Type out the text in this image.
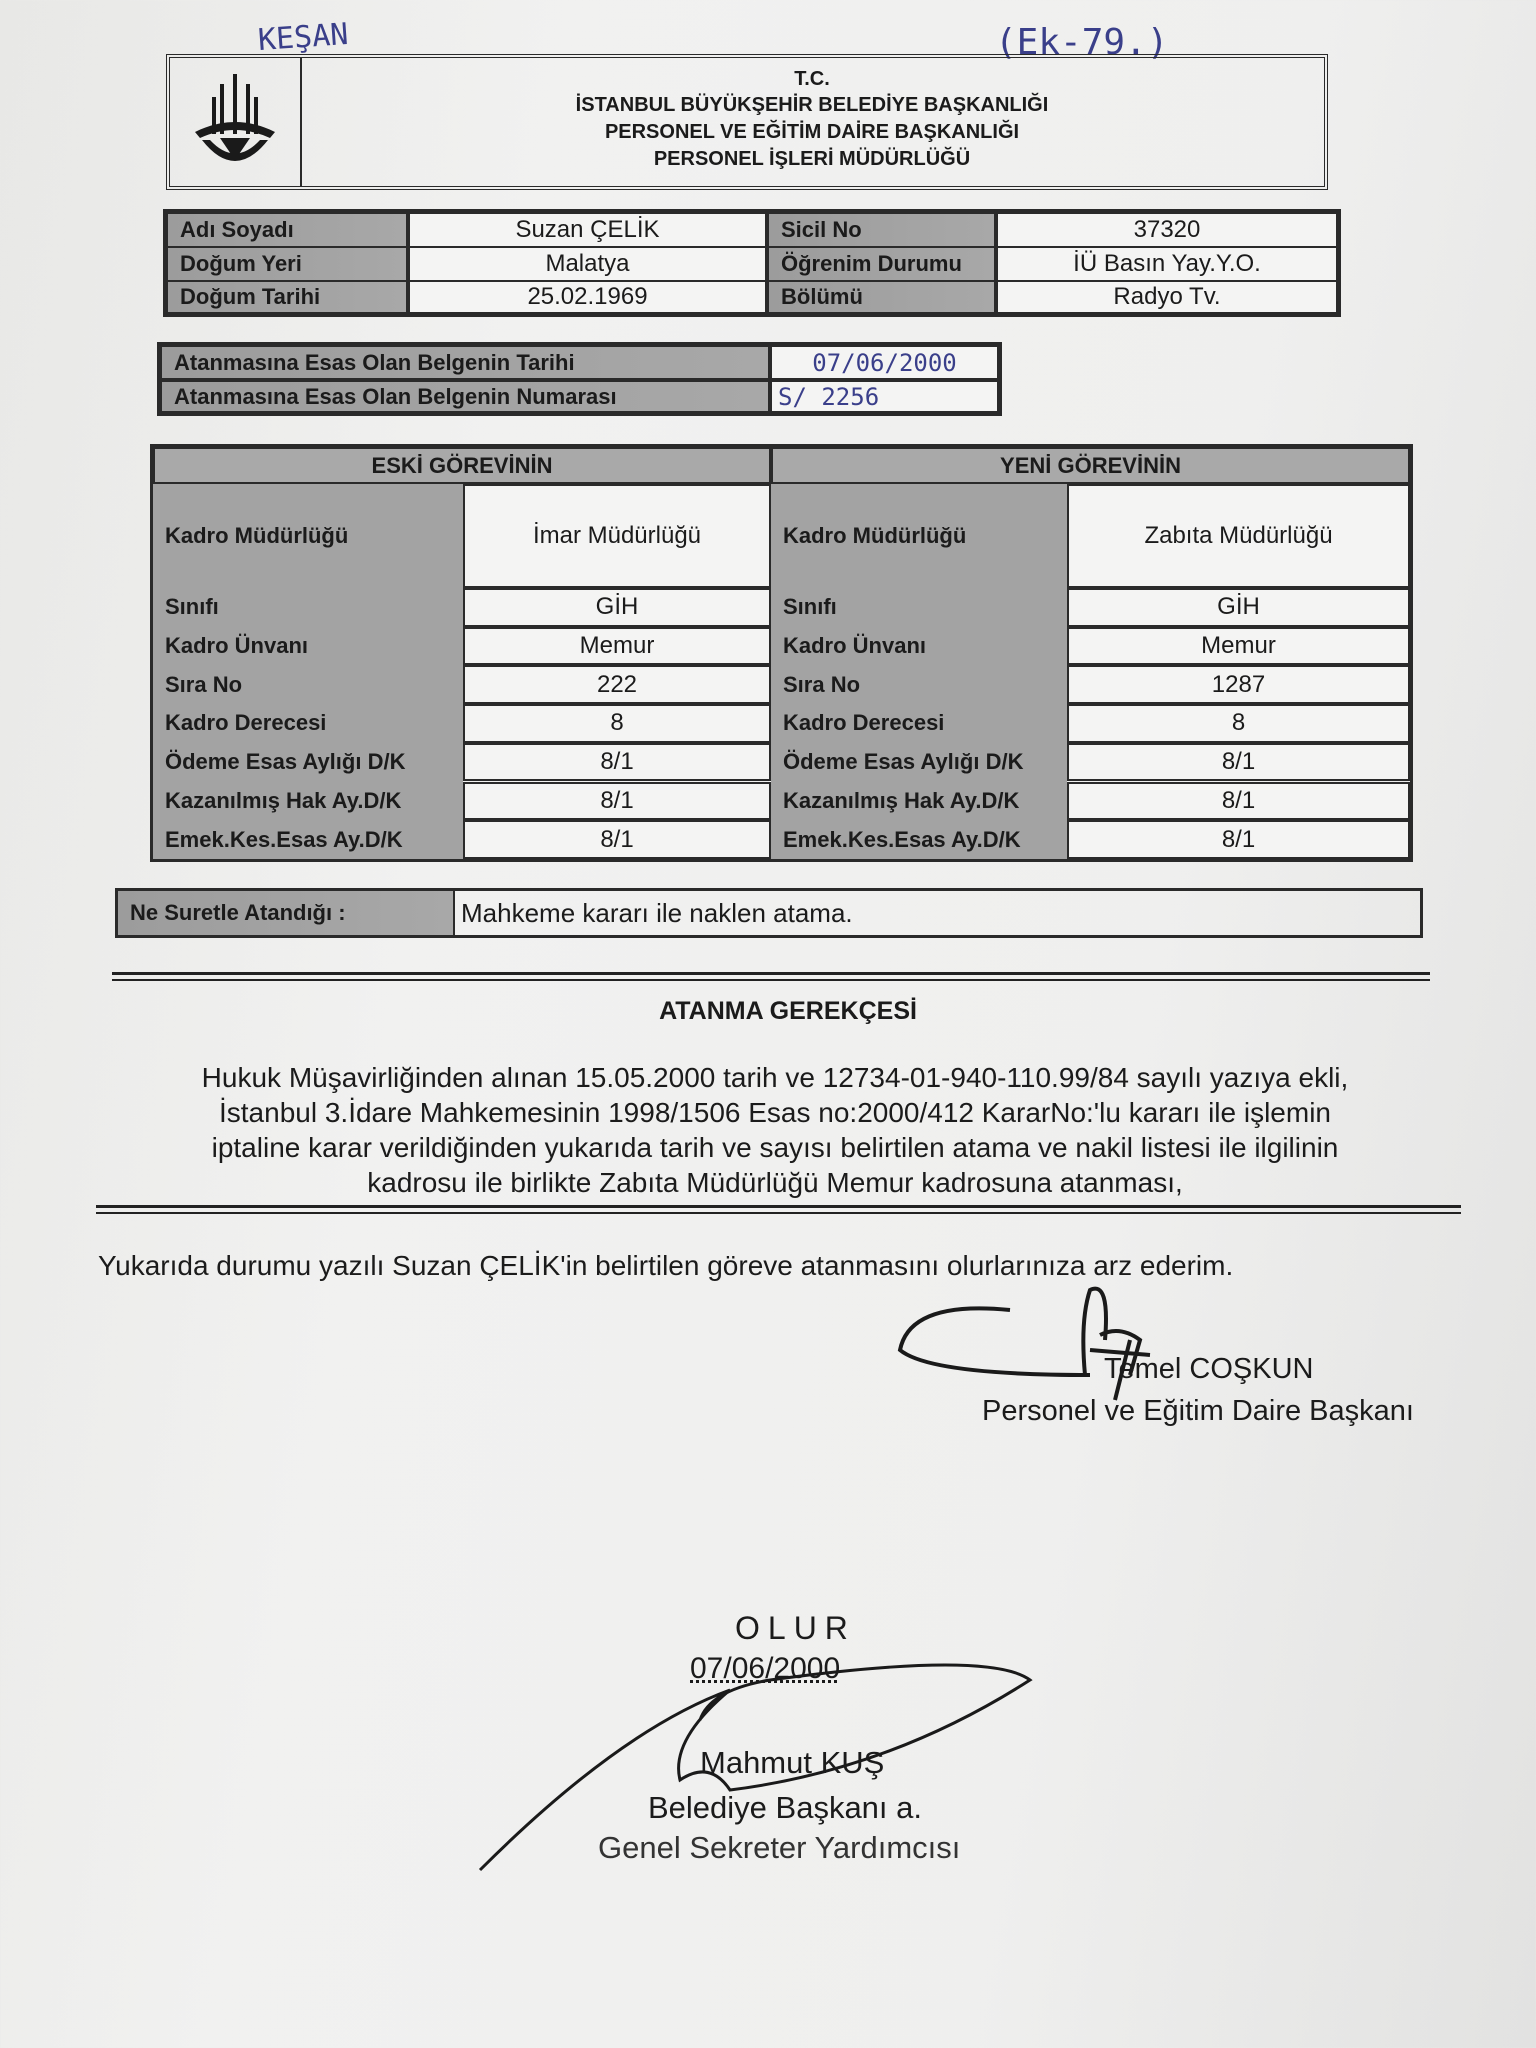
KEŞAN	(Ek-79.)
T.C.
İSTANBUL BÜYÜKŞEHİR BELEDİYE BAŞKANLIĞI
PERSONEL VE EĞİTİM DAİRE BAŞKANLIĞI
PERSONEL İŞLERİ MÜDÜRLÜĞÜ
Adı Soyadı	Suzan ÇELİK	Sicil No	37320
Doğum Yeri	Malatya	Öğrenim Durumu	İÜ Basın Yay.Y.O.
Doğum Tarihi	25.02.1969	Bölümü	Radyo Tv.
Atanmasına Esas Olan Belgenin Tarihi	07/06/2000
Atanmasına Esas Olan Belgenin Numarası	S/ 2256
ESKİ GÖREVİNİN	YENİ GÖREVİNİN
Kadro Müdürlüğü	İmar Müdürlüğü	Kadro Müdürlüğü	Zabıta Müdürlüğü
Sınıfı	GİH	Sınıfı	GİH
Kadro Ünvanı	Memur	Kadro Ünvanı	Memur
Sıra No	222	Sıra No	1287
Kadro Derecesi	8	Kadro Derecesi	8
Ödeme Esas Aylığı D/K	8/1	Ödeme Esas Aylığı D/K	8/1
Kazanılmış Hak Ay.D/K	8/1	Kazanılmış Hak Ay.D/K	8/1
Emek.Kes.Esas Ay.D/K	8/1	Emek.Kes.Esas Ay.D/K	8/1
Ne Suretle Atandığı :	Mahkeme kararı ile naklen atama.
ATANMA GEREKÇESİ
Hukuk Müşavirliğinden alınan 15.05.2000 tarih ve 12734-01-940-110.99/84 sayılı yazıya ekli,
İstanbul 3.İdare Mahkemesinin 1998/1506 Esas no:2000/412 KararNo:'lu kararı ile işlemin
iptaline karar verildiğinden yukarıda tarih ve sayısı belirtilen atama ve nakil listesi ile ilgilinin
kadrosu ile birlikte Zabıta Müdürlüğü Memur kadrosuna atanması,
Yukarıda durumu yazılı Suzan ÇELİK'in belirtilen göreve atanmasını olurlarınıza arz ederim.
Temel COŞKUN
Personel ve Eğitim Daire Başkanı
OLUR
07/06/2000
Mahmut KUŞ
Belediye Başkanı a.
Genel Sekreter Yardımcısı
